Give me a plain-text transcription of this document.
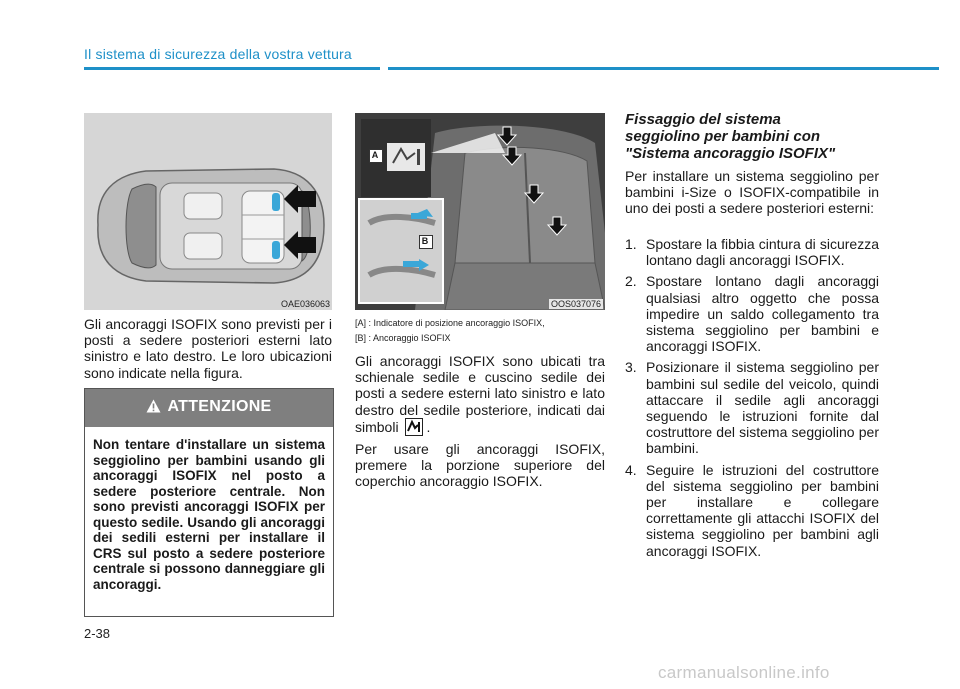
Il sistema di sicurezza della vostra vettura
OAE036063
A
B
OOS037076
Gli ancoraggi ISOFIX sono previsti per i posti a sedere posteriori esterni lato sinistro e lato destro. Le loro ubicazioni sono indicate nella figura.
ATTENZIONE
Non tentare d'installare un sistema seggiolino per bambini usando gli ancoraggi ISOFIX nel posto a sedere posteriore centrale. Non sono previsti ancoraggi ISOFIX per questo sedile. Usando gli ancoraggi dei sedili esterni per installare il CRS sul posto a sedere posteriore centrale si possono danneggiare gli ancoraggi.
[A] : Indicatore di posizione ancoraggio ISOFIX,
[B] : Ancoraggio ISOFIX
Gli ancoraggi ISOFIX sono ubicati tra schienale sedile e cuscino sedile dei posti a sedere esterni lato sinistro e lato destro del sedile posteriore, indicati dai simboli .
Per usare gli ancoraggi ISOFIX, premere la porzione superiore del coperchio ancoraggio ISOFIX.
Fissaggio del sistema seggiolino per bambini con "Sistema ancoraggio ISOFIX"
Per installare un sistema seggiolino per bambini i-Size o ISOFIX-compatibile in uno dei posti a sedere posteriori esterni:
1. Spostare la fibbia cintura di sicurezza lontano dagli ancoraggi ISOFIX.
2. Spostare lontano dagli ancoraggi qualsiasi altro oggetto che possa impedire un saldo collegamento tra sistema seggiolino per bambini e ancoraggi ISOFIX.
3. Posizionare il sistema seggiolino per bambini sul sedile del veicolo, quindi attaccare il sedile agli ancoraggi seguendo le istruzioni fornite dal costruttore del sistema seggiolino per bambini.
4. Seguire le istruzioni del costruttore del sistema seggiolino per bambini per installare e collegare correttamente gli attacchi ISOFIX del sistema seggiolino per bambini agli ancoraggi ISOFIX.
2-38
carmanualsonline.info
